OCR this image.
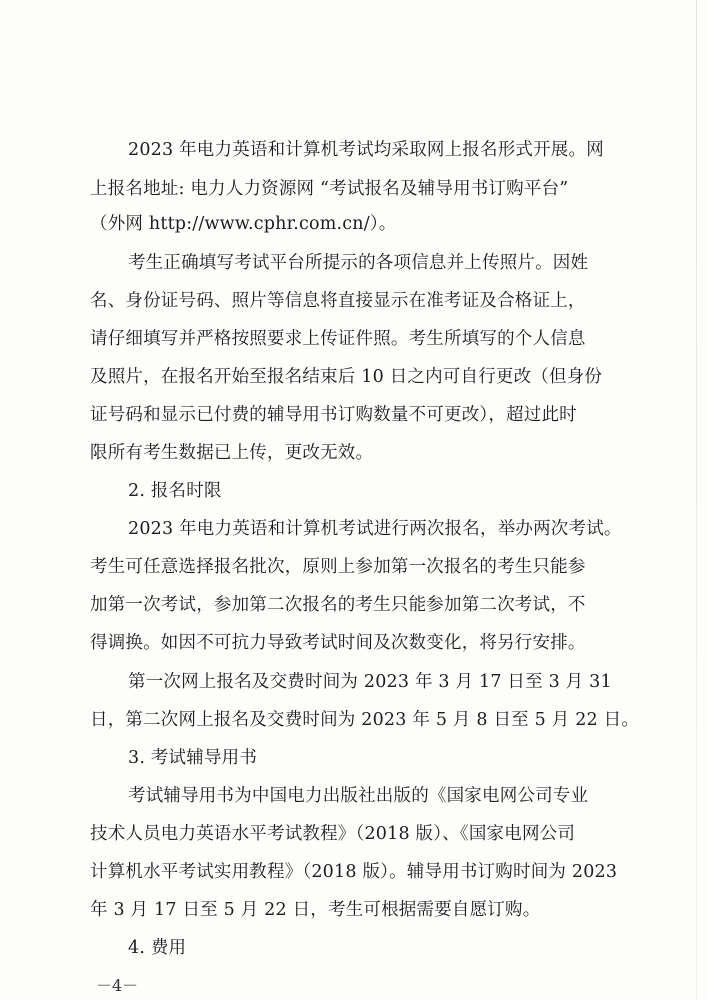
2023 年电力英语和计算机考试均采取网上报名形式开展。网
上报名地址: 电力人力资源网 “考试报名及辅导用书订购平台”
（外网 http://www.cphr.com.cn/）。
考生正确填写考试平台所提示的各项信息并上传照片。因姓
名、身份证号码、照片等信息将直接显示在准考证及合格证上，
请仔细填写并严格按照要求上传证件照。考生所填写的个人信息
及照片，在报名开始至报名结束后 10 日之内可自行更改（但身份
证号码和显示已付费的辅导用书订购数量不可更改），超过此时
限所有考生数据已上传，更改无效。
2. 报名时限
2023 年电力英语和计算机考试进行两次报名，举办两次考试。
考生可任意选择报名批次，原则上参加第一次报名的考生只能参
加第一次考试，参加第二次报名的考生只能参加第二次考试，不
得调换。如因不可抗力导致考试时间及次数变化，将另行安排。
第一次网上报名及交费时间为 2023 年 3 月 17 日至 3 月 31
日，第二次网上报名及交费时间为 2023 年 5 月 8 日至 5 月 22 日。
3. 考试辅导用书
考试辅导用书为中国电力出版社出版的《国家电网公司专业
技术人员电力英语水平考试教程》（2018 版）、《国家电网公司
计算机水平考试实用教程》（2018 版）。辅导用书订购时间为 2023
年 3 月 17 日至 5 月 22 日，考生可根据需要自愿订购。
4. 费用
－4－
